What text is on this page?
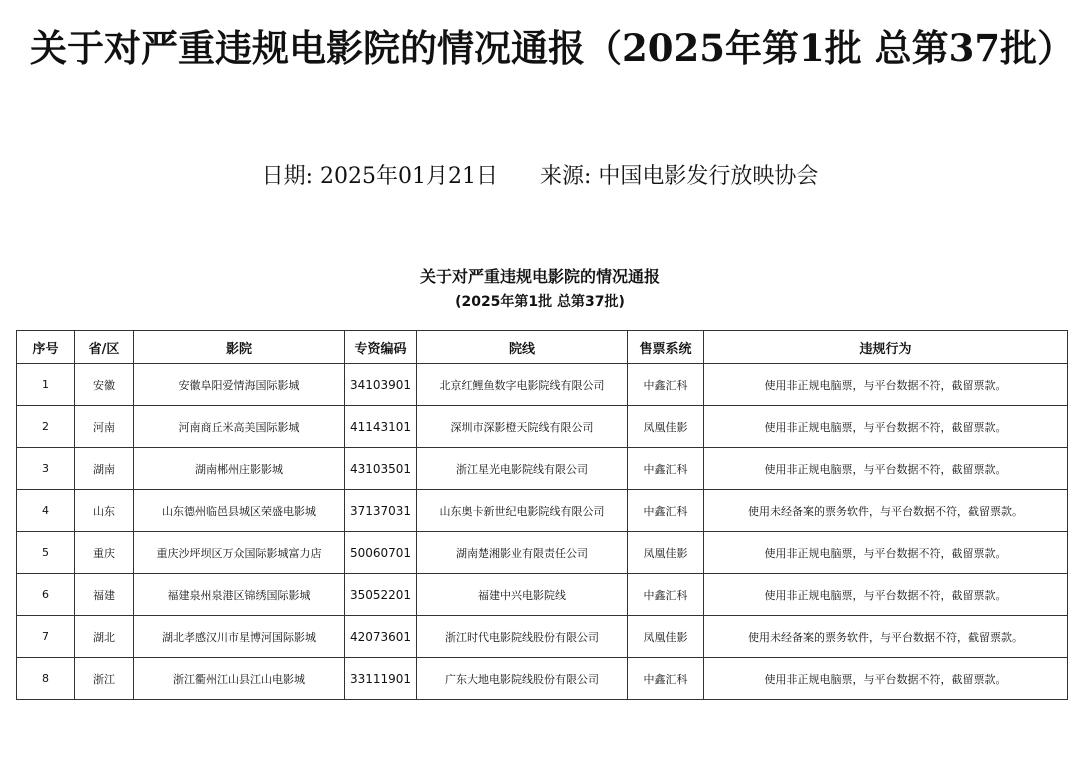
关于对严重违规电影院的情况通报（2025年第1批 总第37批）
日期: 2025年01月21日 来源: 中国电影发行放映协会
关于对严重违规电影院的情况通报
(2025年第1批 总第37批)
序号	省/区	影院	专资编码	院线	售票系统	违规行为
1	安徽	安徽阜阳爱情海国际影城	34103901	北京红鲤鱼数字电影院线有限公司	中鑫汇科	使用非正规电脑票，与平台数据不符，截留票款。
2	河南	河南商丘米高美国际影城	41143101	深圳市深影橙天院线有限公司	凤凰佳影	使用非正规电脑票，与平台数据不符，截留票款。
3	湖南	湖南郴州庄影影城	43103501	浙江星光电影院线有限公司	中鑫汇科	使用非正规电脑票，与平台数据不符，截留票款。
4	山东	山东德州临邑县城区荣盛电影城	37137031	山东奥卡新世纪电影院线有限公司	中鑫汇科	使用未经备案的票务软件，与平台数据不符，截留票款。
5	重庆	重庆沙坪坝区万众国际影城富力店	50060701	湖南楚湘影业有限责任公司	凤凰佳影	使用非正规电脑票，与平台数据不符，截留票款。
6	福建	福建泉州泉港区锦绣国际影城	35052201	福建中兴电影院线	中鑫汇科	使用非正规电脑票，与平台数据不符，截留票款。
7	湖北	湖北孝感汉川市星博河国际影城	42073601	浙江时代电影院线股份有限公司	凤凰佳影	使用未经备案的票务软件，与平台数据不符，截留票款。
8	浙江	浙江衢州江山县江山电影城	33111901	广东大地电影院线股份有限公司	中鑫汇科	使用非正规电脑票，与平台数据不符，截留票款。
